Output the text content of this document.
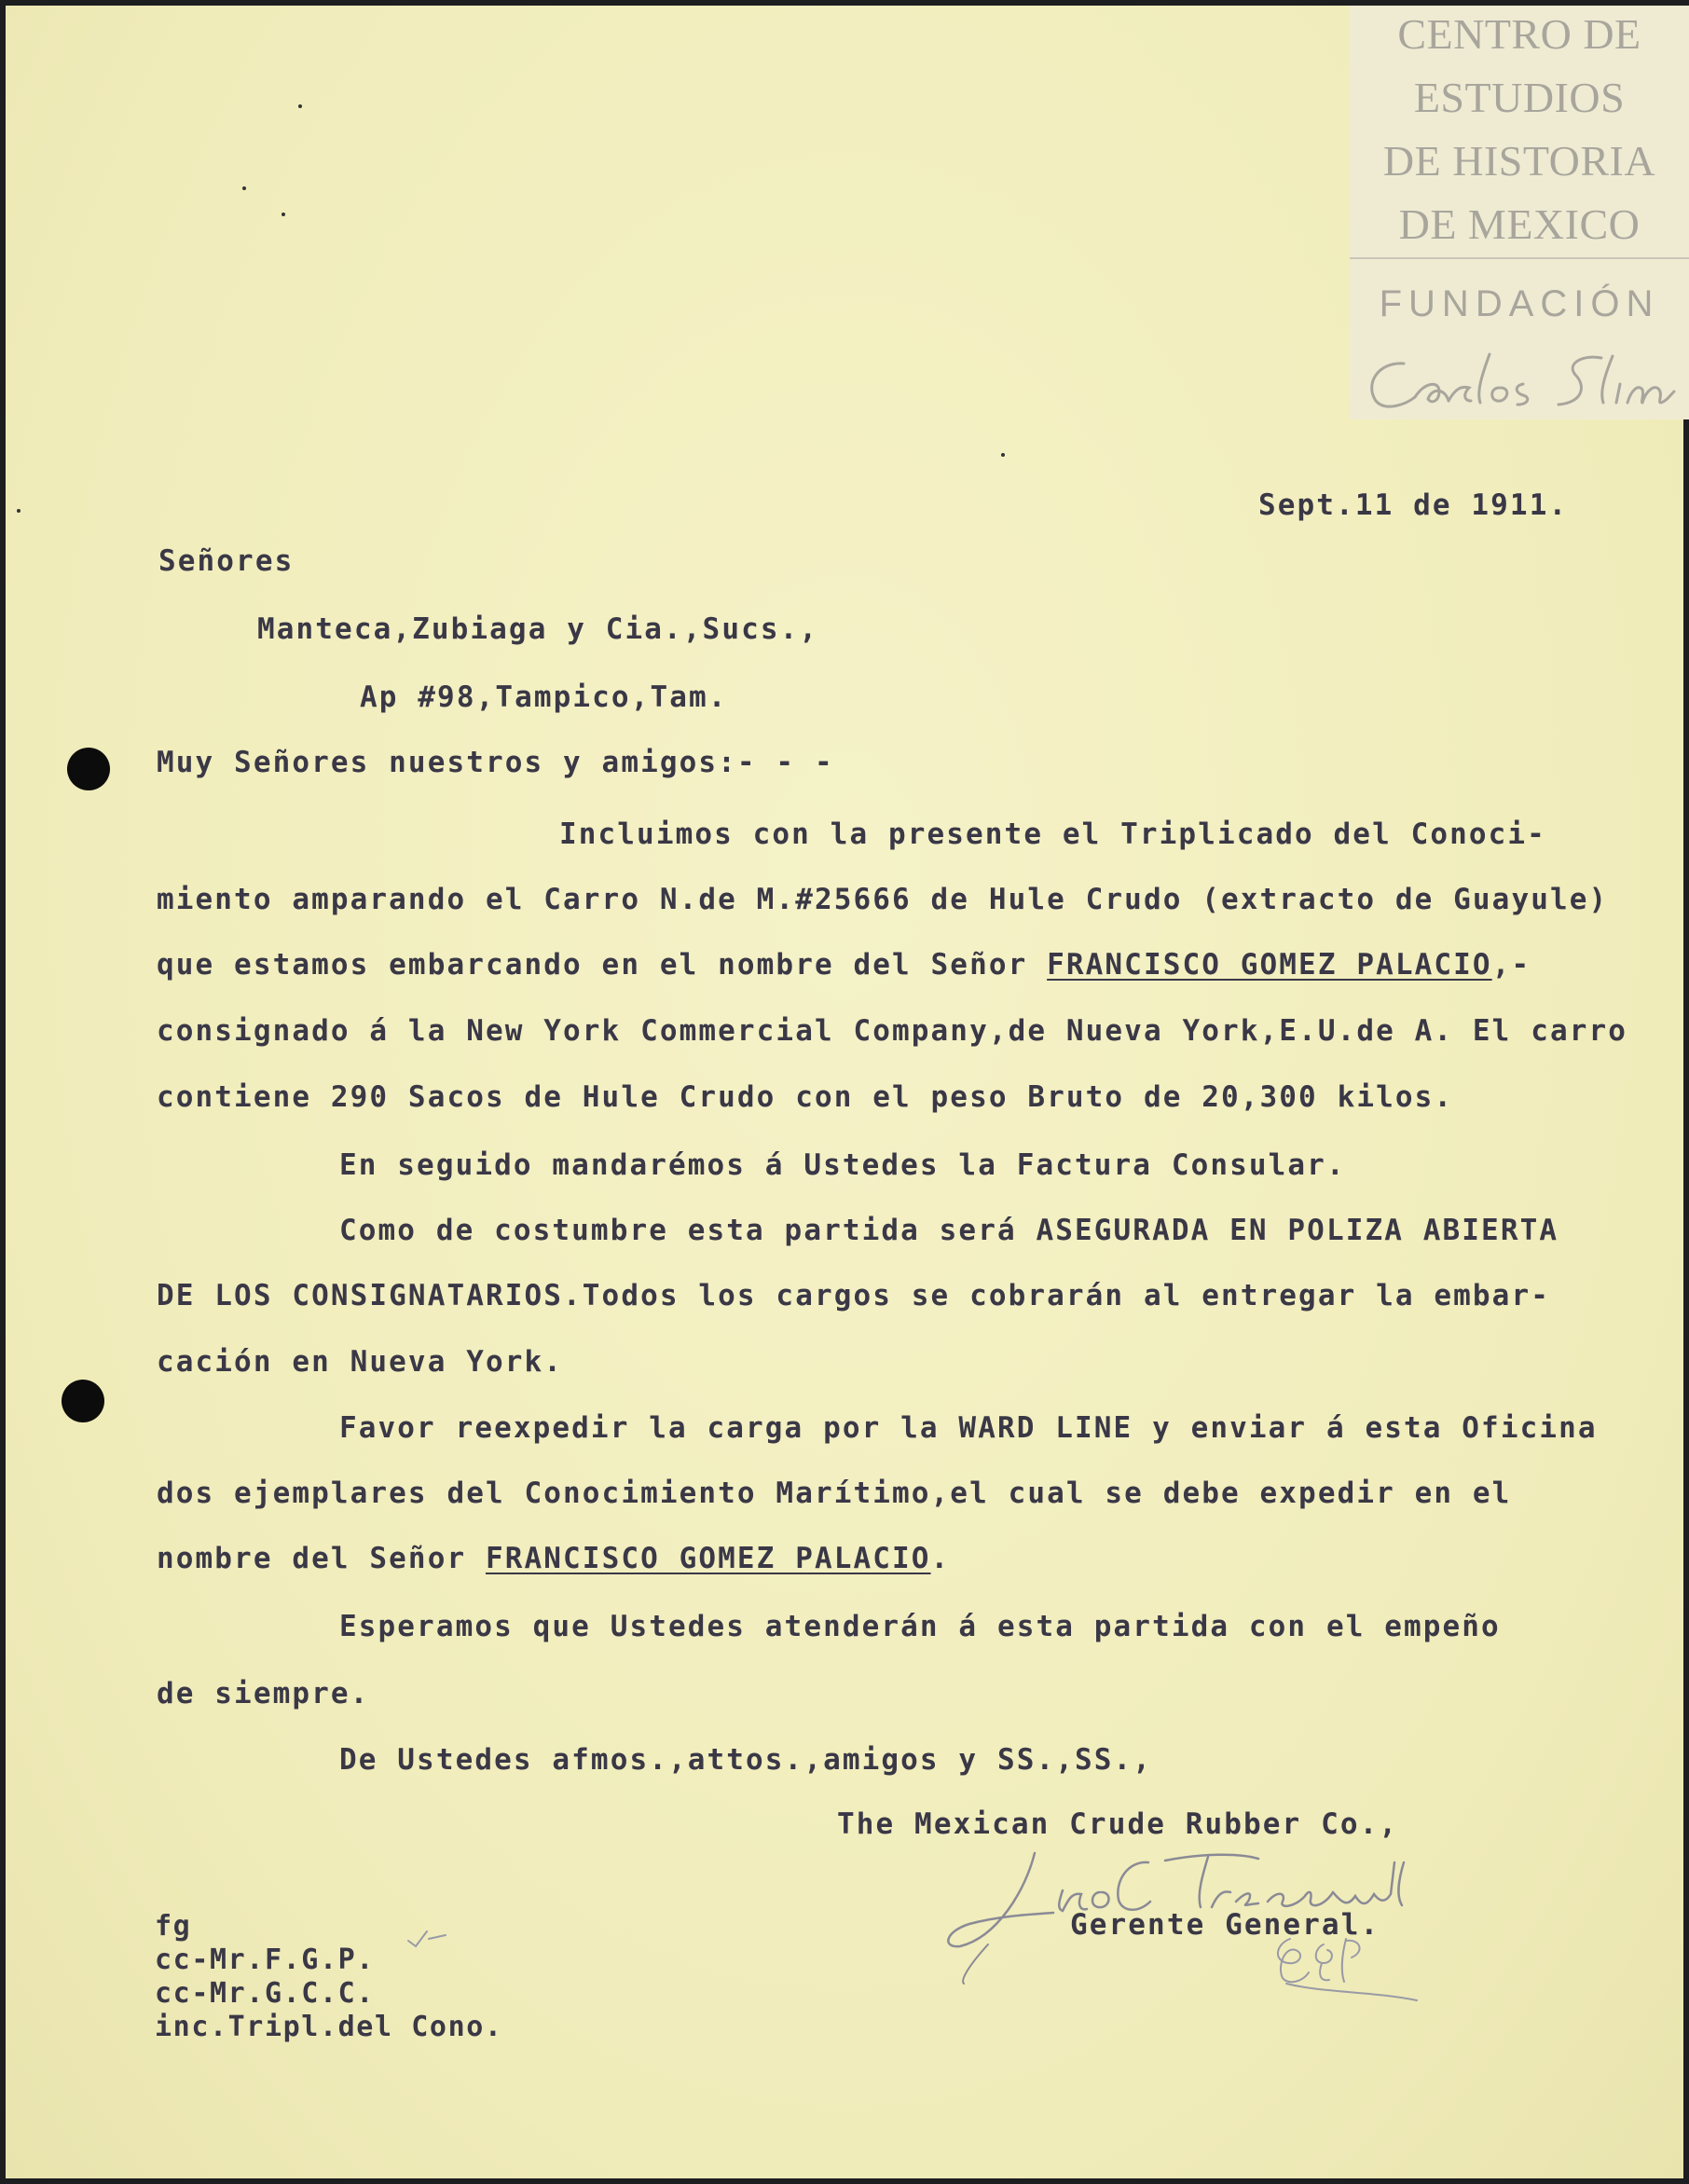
CENTRO DE
ESTUDIOS
DE HISTORIA
DE MEXICO
FUNDACIÓN
Sept.11 de 1911.
Señores
Manteca,Zubiaga y Cia.,Sucs.,
Ap #98,Tampico,Tam.
Muy Señores nuestros y amigos:- - -
Incluimos con la presente el Triplicado del Conoci-
miento amparando el Carro N.de M.#25666 de Hule Crudo (extracto de Guayule)
que estamos embarcando en el nombre del Señor FRANCISCO GOMEZ PALACIO,-
consignado á la New York Commercial Company,de Nueva York,E.U.de A. El carro
contiene 290 Sacos de Hule Crudo con el peso Bruto de 20,300 kilos.
En seguido mandarémos á Ustedes la Factura Consular.
Como de costumbre esta partida será ASEGURADA EN POLIZA ABIERTA
DE LOS CONSIGNATARIOS.Todos los cargos se cobrarán al entregar la embar-
cación en Nueva York.
Favor reexpedir la carga por la WARD LINE y enviar á esta Oficina
dos ejemplares del Conocimiento Marítimo,el cual se debe expedir en el
nombre del Señor FRANCISCO GOMEZ PALACIO.
Esperamos que Ustedes atenderán á esta partida con el empeño
de siempre.
De Ustedes afmos.,attos.,amigos y SS.,SS.,
The Mexican Crude Rubber Co.,
Gerente General.
fg
cc-Mr.F.G.P.
cc-Mr.G.C.C.
inc.Tripl.del Cono.
